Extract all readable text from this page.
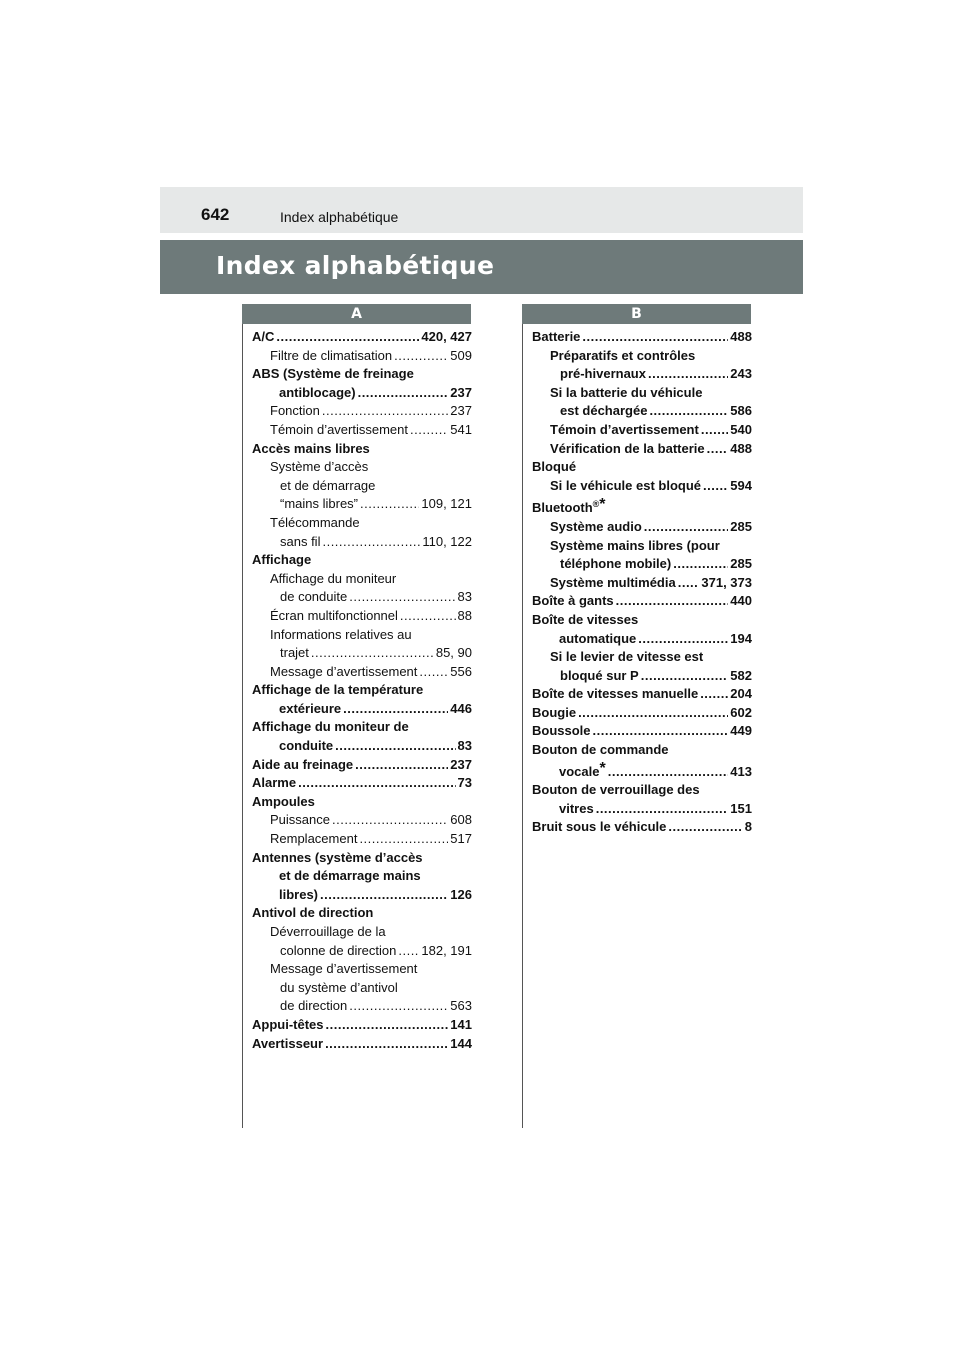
642	Index alphabétique
Index alphabétique
A	B
A/C .....	420, 427
Filtre de climatisation .....	509
ABS (Système de freinage
antiblocage) .....	237
Fonction .....	237
Témoin d’avertissement .....	541
Accès mains libres
Système d’accès
et de démarrage
“mains libres” .....	109, 121
Télécommande
sans fil .....	110, 122
Affichage
Affichage du moniteur
de conduite .....	83
Écran multifonctionnel .....	88
Informations relatives au
trajet .....	85, 90
Message d’avertissement .....	556
Affichage de la température
extérieure .....	446
Affichage du moniteur de
conduite .....	83
Aide au freinage .....	237
Alarme .....	73
Ampoules
Puissance .....	608
Remplacement .....	517
Antennes (système d’accès
et de démarrage mains
libres) .....	126
Antivol de direction
Déverrouillage de la
colonne de direction ..... 182, 191
Message d’avertissement
du système d’antivol
de direction .....	563
Appui-têtes .....	141
Avertisseur .....	144
Batterie .....	488
Préparatifs et contrôles
pré-hivernaux .....	243
Si la batterie du véhicule
est déchargée .....	586
Témoin d’avertissement ..... 540
Vérification de la batterie ..... 488
Bloqué
Si le véhicule est bloqué ..... 594
Bluetooth®*
Système audio .....	285
Système mains libres (pour
téléphone mobile) .....	285
Système multimédia ..... 371, 373
Boîte à gants .....	440
Boîte de vitesses
automatique .....	194
Si le levier de vitesse est
bloqué sur P .....	582
Boîte de vitesses manuelle ..... 204
Bougie .....	602
Boussole .....	449
Bouton de commande
vocale* .....	413
Bouton de verrouillage des
vitres .....	151
Bruit sous le véhicule .....	8
